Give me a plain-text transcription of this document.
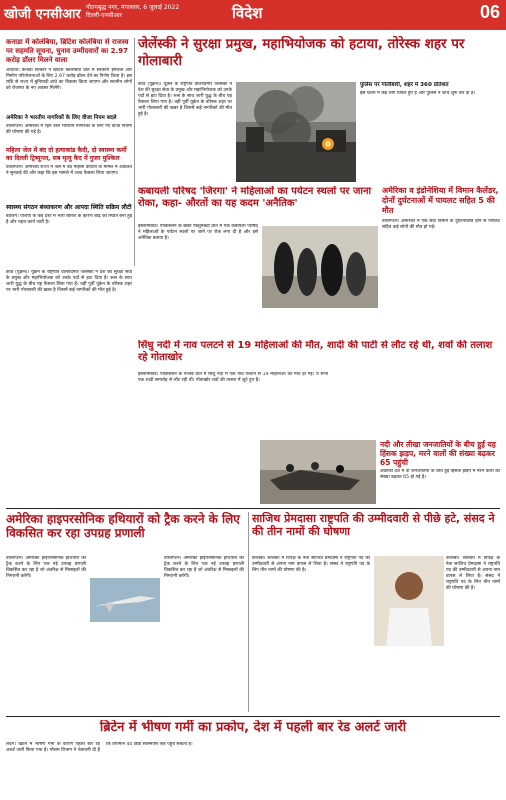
खोजी एनसीआर गौतमबुद्ध नगर, मंगलवार, 6 जुलाई 2022
दिल्ली-एनसीआर	विदेश	06
कनाडा में कोलंबिया, ब्रिटिश कोलंबिया से राजस्व पर सहमति सूचना, चुनाव उम्मीदवारों का 2.97 करोड़ डॉलर मिलने वाला
ओटावा। कनाडा सरकार ने ब्रिटिश कोलंबिया प्रांत में सरकारी इमारतों और निर्माण परियोजनाओं के लिए 2.97 करोड़ डॉलर देने का निर्णय किया है। इस राशि से राज्य में बुनियादी ढांचे का विकास किया जाएगा और स्थानीय लोगों को रोजगार के नए अवसर मिलेंगे।
अमेरिका ने भारतीय नागरिकों के लिए वीजा नियम बदले
वॉशिंगटन। अमेरिका में रहने वाले भारतीय नागरिकों के लिए नए वीजा नियमों की घोषणा की गई है।
महिला जेल में बंद दो हत्याकांड कैदी, दो स्वास्थ्य कर्मी का दिल्ली ट्रिब्यूनल, सब मृत्यु कैद में गुजर मुश्किल
वॉशिंगटन। अमेरिकी राज्य में जेल में बंद महिला कैदियों के मामले में अदालत ने सुनवाई की और कहा कि इस मामले में जल्द फैसला लिया जाएगा।
स्वास्थ्य संगठन बंध्याकरण और आपदा स्थिति सक्रिय लौटी
बीजिंग। एशिया के कई देशों में भारी बारिश के कारण बाढ़ की स्थिति बनी हुई है और राहत कार्य जारी है।
जेलेंस्की ने सुरक्षा प्रमुख, महाभियोजक को हटाया, तोरेस्क शहर पर गोलाबारी
कीव (यूक्रेन)। यूक्रेन के राष्ट्रपति वोलोदिमीर जेलेंस्की ने देश की सुरक्षा सेवा के प्रमुख और महाभियोजक को उनके पदों से हटा दिया है। रूस के साथ जारी युद्ध के बीच यह फैसला लिया गया है। वहीं पूर्वी यूक्रेन के तोरेस्क शहर पर भारी गोलाबारी की खबर है जिसमें कई नागरिकों की मौत हुई है।
पुलिस पर गोलीबारी, शहर में 360 प्रतिशत
इस घटना में कई लोग घायल हुए हैं और पुलिस ने जांच शुरू कर दी है।
कबायली परिषद 'जिरगा' ने महिलाओं का पर्यटन स्थलों पर जाना रोका, कहा- औरतों का यह कदम 'अनैतिक'
इस्लामाबाद। पाकिस्तान के खैबर पख्तूनख्वा प्रांत में एक कबायली परिषद ने महिलाओं के पर्यटन स्थलों पर जाने पर रोक लगा दी है और इसे अनैतिक बताया है।
अमेरिका व इंडोनेशिया में विमान कैलेंडर, दोनों दुर्घटनाओं में पायलट सहित 5 की मौत
वॉशिंगटन। अमेरिका में एक छोटे विमान के दुर्घटनाग्रस्त होने से पायलट सहित कई लोगों की मौत हो गई।
सिंधु नदी में नाव पलटने से 19 महिलाओं की मौत, शादी की पार्टी से लौट रहे थी, शवों की तलाश रहे गोताखोर
इस्लामाबाद। पाकिस्तान के पंजाब प्रांत में सिंधु नदी में एक नाव पलटने से 19 महिलाओं की मौत हो गई। ये सभी एक शादी समारोह से लौट रही थीं। गोताखोर शवों की तलाश में जुटे हुए हैं।
नदी और तीखा जनजातियों के बीच हुई यह हिंसक झड़प, मरने वालों की संख्या बढ़कर 65 पहुंची
अफ्रीकी देश में दो जनजातियों के बीच हुई हिंसक झड़प में मरने वालों की संख्या बढ़कर 65 हो गई है।
कीव (यूक्रेन)। यूक्रेन के राष्ट्रपति वोलोदिमीर जेलेंस्की ने देश की सुरक्षा सेवा के प्रमुख और महाभियोजक को उनके पदों से हटा दिया है। रूस के साथ जारी युद्ध के बीच यह फैसला लिया गया है। वहीं पूर्वी यूक्रेन के तोरेस्क शहर पर भारी गोलाबारी की खबर है जिसमें कई नागरिकों की मौत हुई है।
अमेरिका हाइपरसोनिक हथियारों को ट्रैक करने के लिए विकसित कर रहा उपग्रह प्रणाली
वॉशिंगटन। अमेरिका हाइपरसोनिक हथियारों को ट्रैक करने के लिए एक नई उपग्रह प्रणाली विकसित कर रहा है जो अंतरिक्ष से मिसाइलों की निगरानी करेगी।
वॉशिंगटन। अमेरिका हाइपरसोनिक हथियारों को ट्रैक करने के लिए एक नई उपग्रह प्रणाली विकसित कर रहा है जो अंतरिक्ष से मिसाइलों की निगरानी करेगी।
साजिथ प्रेमदासा राष्ट्रपति की उम्मीदवारी से पीछे हटे, संसद ने की तीन नामों की घोषणा
कोलंबो। श्रीलंका में विपक्ष के नेता साजिथ प्रेमदासा ने राष्ट्रपति पद की उम्मीदवारी से अपना नाम वापस ले लिया है। संसद ने राष्ट्रपति पद के लिए तीन नामों की घोषणा की है।
कोलंबो। श्रीलंका में विपक्ष के नेता साजिथ प्रेमदासा ने राष्ट्रपति पद की उम्मीदवारी से अपना नाम वापस ले लिया है। संसद ने राष्ट्रपति पद के लिए तीन नामों की घोषणा की है।
ब्रिटेन में भीषण गर्मी का प्रकोप, देश में पहली बार रेड अलर्ट जारी
लंदन। ब्रिटेन में भीषण गर्मी के कारण पहली बार रेड अलर्ट जारी किया गया है। मौसम विभाग ने चेतावनी दी है कि तापमान 40 डिग्री सेल्सियस तक पहुंच सकता है।
